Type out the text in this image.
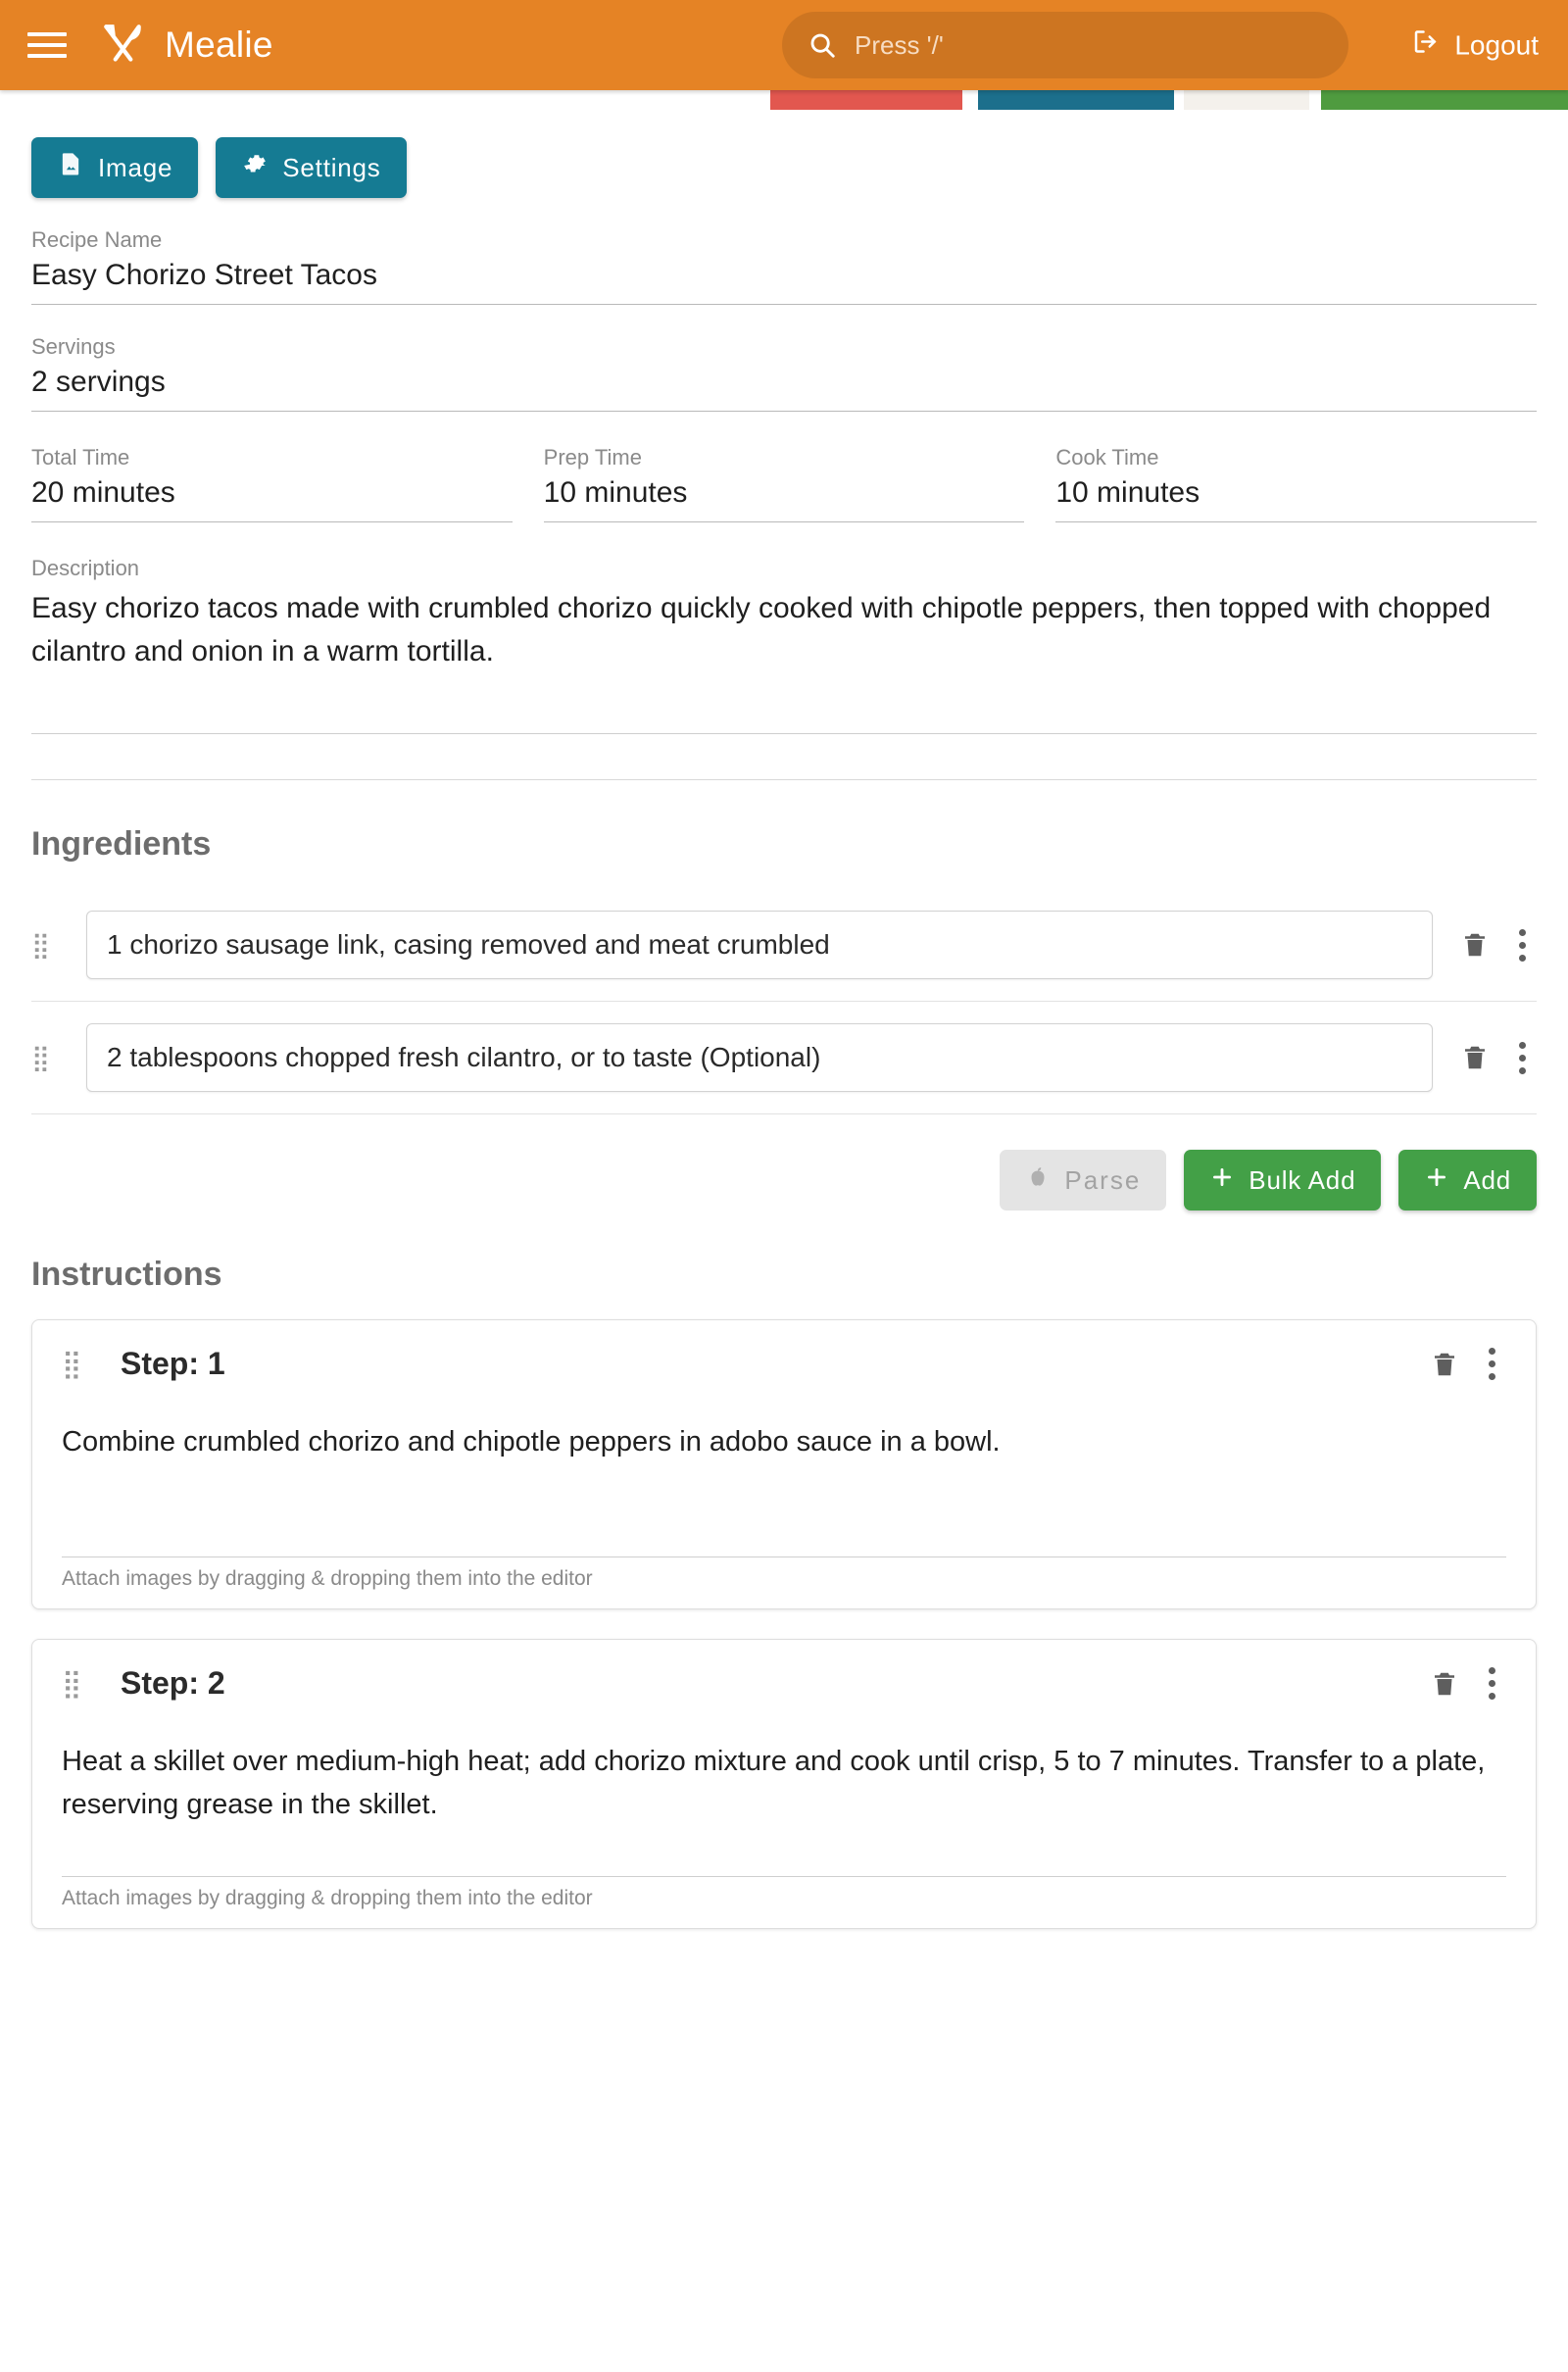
Mealie
Press '/'	Logout
Image	Settings
Recipe Name
Easy Chorizo Street Tacos
Servings
2 servings
Total Time
20 minutes
Prep Time
10 minutes
Cook Time
10 minutes
Description
Easy chorizo tacos made with crumbled chorizo quickly cooked with chipotle peppers, then topped with chopped cilantro and onion in a warm tortilla.
Ingredients
⣿
1 chorizo sausage link, casing removed and meat crumbled
⣿
2 tablespoons chopped fresh cilantro, or to taste (Optional)
Parse	Bulk Add	Add
Instructions
⣿	Step: 1
Combine crumbled chorizo and chipotle peppers in adobo sauce in a bowl.
Attach images by dragging & dropping them into the editor
⣿	Step: 2
Heat a skillet over medium-high heat; add chorizo mixture and cook until crisp, 5 to 7 minutes. Transfer to a plate, reserving grease in the skillet.
Attach images by dragging & dropping them into the editor
